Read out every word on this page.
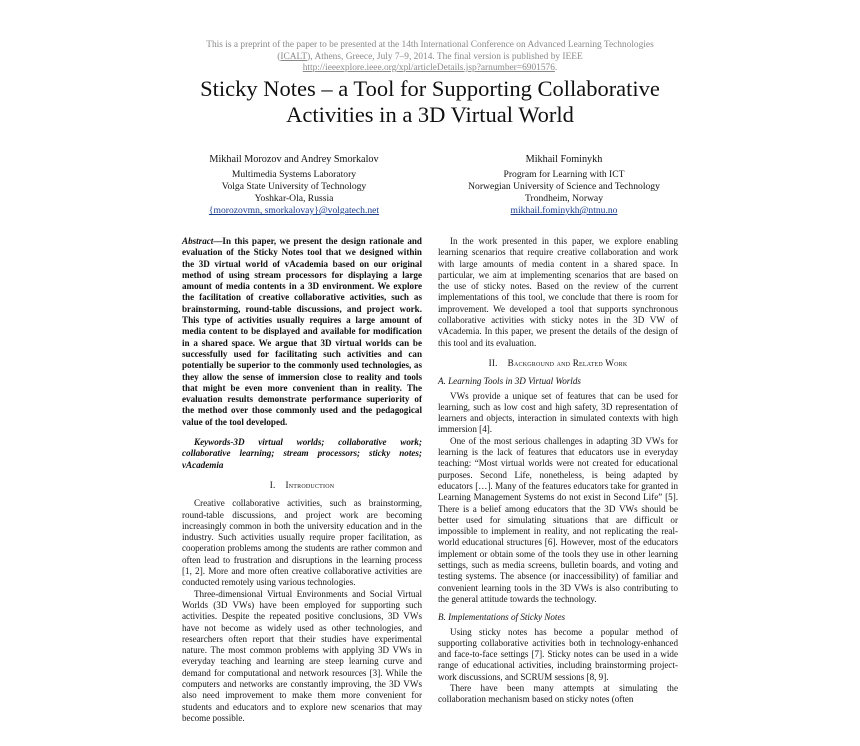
This is a preprint of the paper to be presented at the 14th International Conference on Advanced Learning Technologies
(ICALT), Athens, Greece, July 7–9, 2014. The final version is published by IEEE
http://ieeexplore.ieee.org/xpl/articleDetails.jsp?arnumber=6901576.
Sticky Notes – a Tool for Supporting Collaborative
Activities in a 3D Virtual World
Mikhail Morozov and Andrey Smorkalov
Multimedia Systems Laboratory
Volga State University of Technology
Yoshkar-Ola, Russia
{morozovmn, smorkalovay}@volgatech.net
Mikhail Fominykh
Program for Learning with ICT
Norwegian University of Science and Technology
Trondheim, Norway
mikhail.fominykh@ntnu.no

Abstract—In this paper, we present the design rationale and evaluation of the Sticky Notes tool that we designed within the 3D virtual world of vAcademia based on our original method of using stream processors for displaying a large amount of media contents in a 3D environment. We explore the facilitation of creative collaborative activities, such as brainstorming, round-table discussions, and project work. This type of activities usually requires a large amount of media content to be displayed and available for modification in a shared space. We argue that 3D virtual worlds can be successfully used for facilitating such activities and can potentially be superior to the commonly used technologies, as they allow the sense of immersion close to reality and tools that might be even more convenient than in reality. The evaluation results demonstrate performance superiority of the method over those commonly used and the pedagogical value of the tool developed.

Keywords-3D virtual worlds; collaborative work; collaborative learning; stream processors; sticky notes; vAcademia

I. Introduction

Creative collaborative activities, such as brainstorming, round-table discussions, and project work are becoming increasingly common in both the university education and in the industry. Such activities usually require proper facilitation, as cooperation problems among the students are rather common and often lead to frustration and disruptions in the learning process [1, 2]. More and more often creative collaborative activities are conducted remotely using various technologies.

Three-dimensional Virtual Environments and Social Virtual Worlds (3D VWs) have been employed for supporting such activities. Despite the repeated positive conclusions, 3D VWs have not become as widely used as other technologies, and researchers often report that their studies have experimental nature. The most common problems with applying 3D VWs in everyday teaching and learning are steep learning curve and demand for computational and network resources [3]. While the computers and networks are constantly improving, the 3D VWs also need improvement to make them more convenient for students and educators and to explore new scenarios that may become possible.

In the work presented in this paper, we explore enabling learning scenarios that require creative collaboration and work with large amounts of media content in a shared space. In particular, we aim at implementing scenarios that are based on the use of sticky notes. Based on the review of the current implementations of this tool, we conclude that there is room for improvement. We developed a tool that supports synchronous collaborative activities with sticky notes in the 3D VW of vAcademia. In this paper, we present the details of the design of this tool and its evaluation.

II. Background and Related Work

A. Learning Tools in 3D Virtual Worlds

VWs provide a unique set of features that can be used for learning, such as low cost and high safety, 3D representation of learners and objects, interaction in simulated contexts with high immersion [4].

One of the most serious challenges in adapting 3D VWs for learning is the lack of features that educators use in everyday teaching: “Most virtual worlds were not created for educational purposes. Second Life, nonetheless, is being adapted by educators […]. Many of the features educators take for granted in Learning Management Systems do not exist in Second Life” [5]. There is a belief among educators that the 3D VWs should be better used for simulating situations that are difficult or impossible to implement in reality, and not replicating the real-world educational structures [6]. However, most of the educators implement or obtain some of the tools they use in other learning settings, such as media screens, bulletin boards, and voting and testing systems. The absence (or inaccessibility) of familiar and convenient learning tools in the 3D VWs is also contributing to the general attitude towards the technology.

B. Implementations of Sticky Notes

Using sticky notes has become a popular method of supporting collaborative activities both in technology-enhanced and face-to-face settings [7]. Sticky notes can be used in a wide range of educational activities, including brainstorming project-work discussions, and SCRUM sessions [8, 9].

There have been many attempts at simulating the collaboration mechanism based on sticky notes (often
